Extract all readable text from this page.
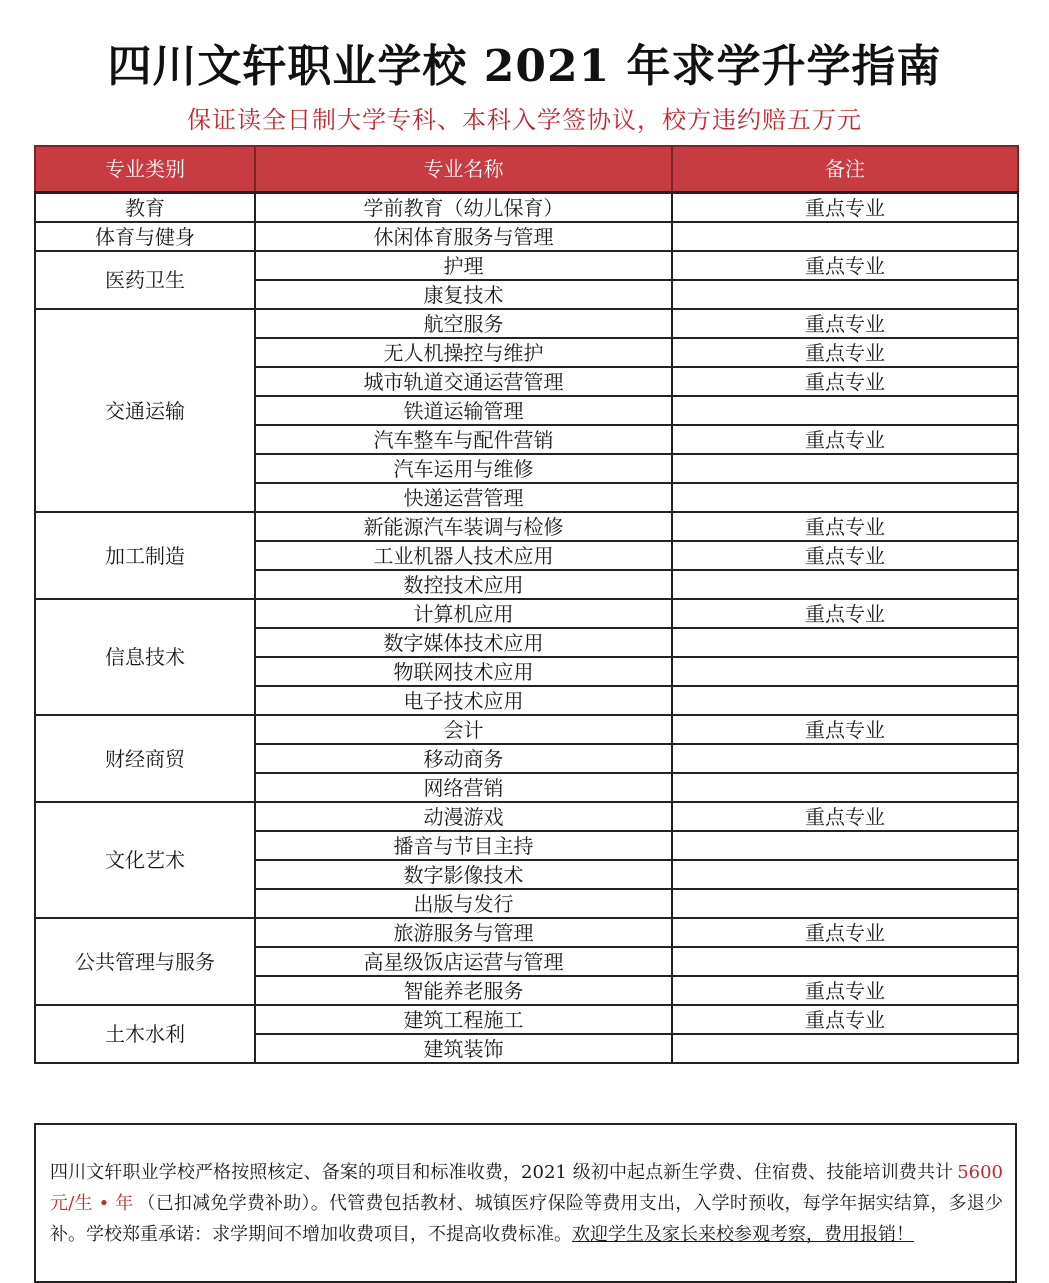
四川文轩职业学校 2021 年求学升学指南
保证读全日制大学专科、本科入学签协议，校方违约赔五万元
专业类别	专业名称	备注
教育	学前教育（幼儿保育）	重点专业
体育与健身	休闲体育服务与管理	
医药卫生	护理	重点专业
	康复技术	
交通运输	航空服务	重点专业
	无人机操控与维护	重点专业
	城市轨道交通运营管理	重点专业
	铁道运输管理	
	汽车整车与配件营销	重点专业
	汽车运用与维修	
	快递运营管理	
加工制造	新能源汽车装调与检修	重点专业
	工业机器人技术应用	重点专业
	数控技术应用	
信息技术	计算机应用	重点专业
	数字媒体技术应用	
	物联网技术应用	
	电子技术应用	
财经商贸	会计	重点专业
	移动商务	
	网络营销	
文化艺术	动漫游戏	重点专业
	播音与节目主持	
	数字影像技术	
	出版与发行	
公共管理与服务	旅游服务与管理	重点专业
	高星级饭店运营与管理	
	智能养老服务	重点专业
土木水利	建筑工程施工	重点专业
	建筑装饰	
四川文轩职业学校严格按照核定、备案的项目和标准收费，2021 级初中起点新生学费、住宿费、技能培训费共计 5600 元/生 • 年 （已扣减免学费补助）。代管费包括教材、城镇医疗保险等费用支出，入学时预收，每学年据实结算，多退少补。学校郑重承诺：求学期间不增加收费项目，不提高收费标准。欢迎学生及家长来校参观考察，费用报销！
